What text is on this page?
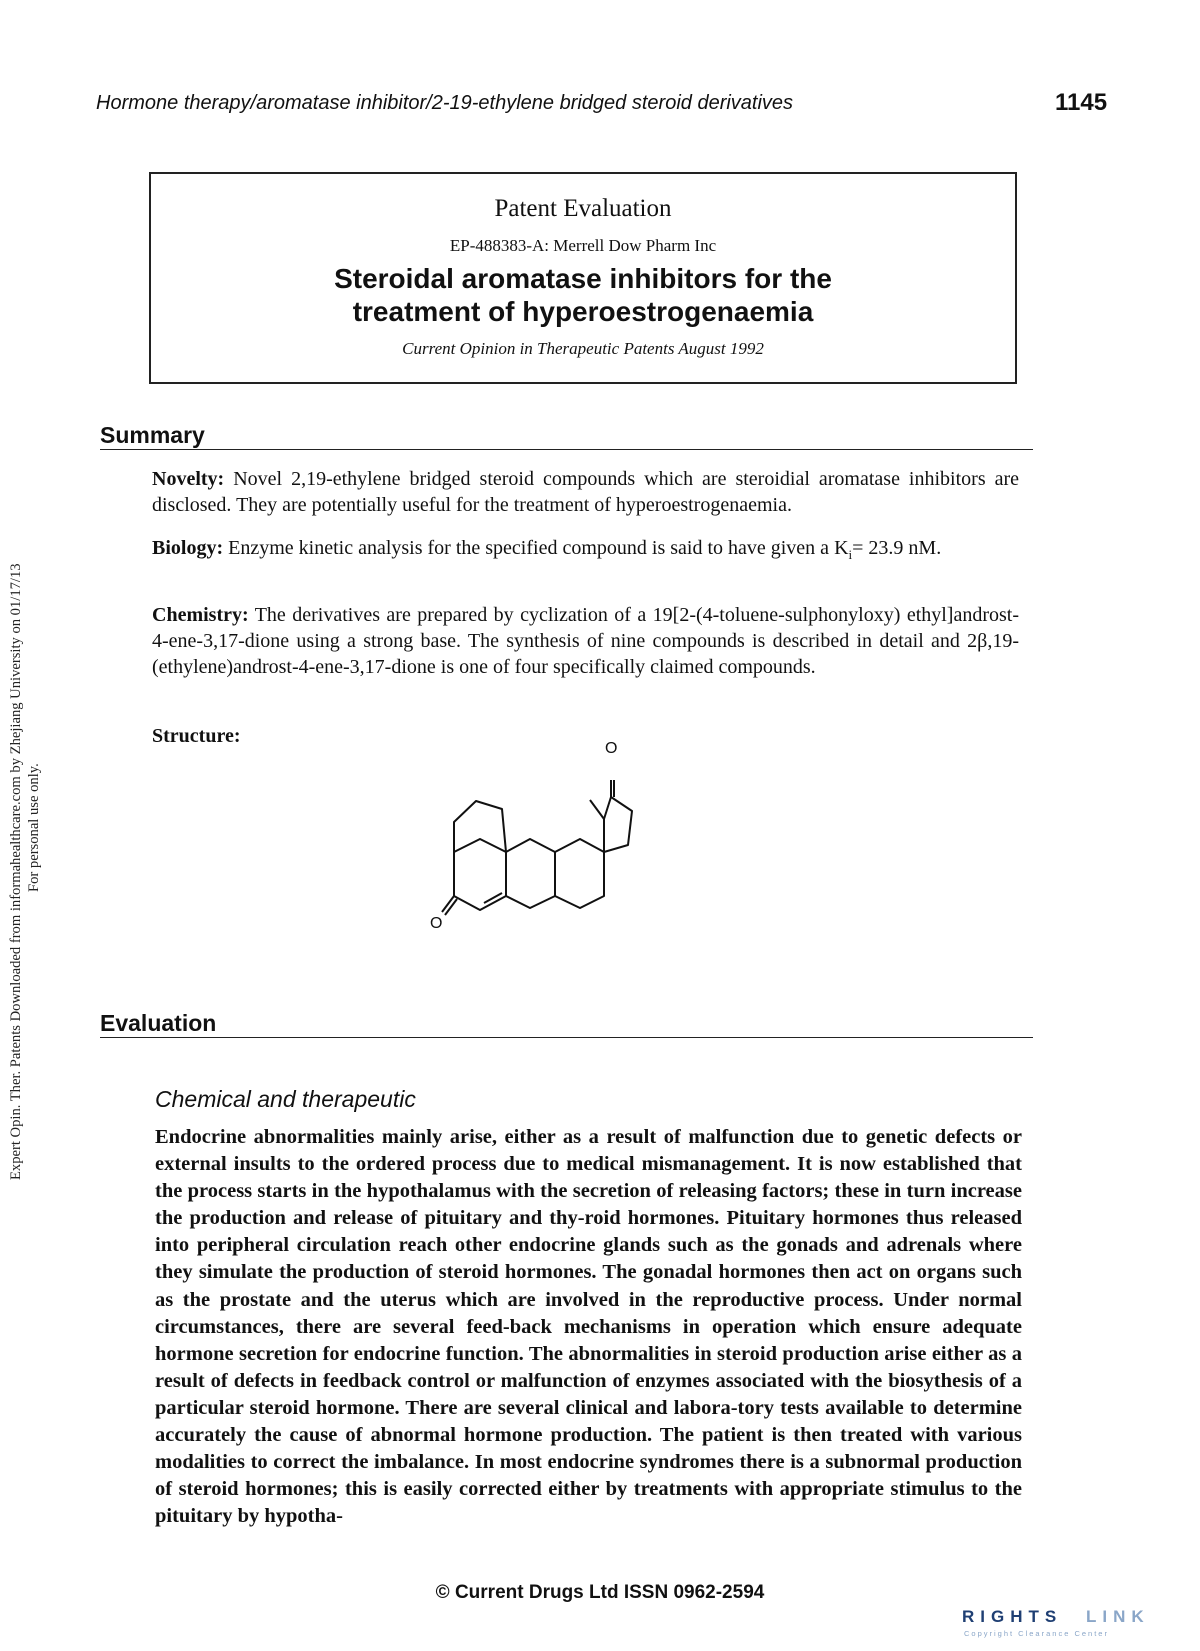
Hormone therapy/aromatase inhibitor/2-19-ethylene bridged steroid derivatives	1145
Patent Evaluation
EP-488383-A: Merrell Dow Pharm Inc
Steroidal aromatase inhibitors for the
treatment of hyperoestrogenaemia
Current Opinion in Therapeutic Patents August 1992
Summary
Novelty: Novel 2,19-ethylene bridged steroid compounds which are steroidial aromatase inhibitors are disclosed. They are potentially useful for the treatment of hyperoestrogenaemia.
Biology: Enzyme kinetic analysis for the specified compound is said to have given a $K_i= 23.9$ nM.
Chemistry: The derivatives are prepared by cyclization of a 19[2-(4-toluene-sulphonyloxy) ethyl]androst-4-ene-3,17-dione using a strong base. The synthesis of nine compounds is described in detail and 2β,19-(ethylene)androst-4-ene-3,17-dione is one of four specifically claimed compounds.
Structure:
O
O
Evaluation
Chemical and therapeutic
Endocrine abnormalities mainly arise, either as a result of malfunction due to genetic defects or external insults to the ordered process due to medical mismanagement. It is now established that the process starts in the hypothalamus with the secretion of releasing factors; these in turn increase the production and release of pituitary and thy-roid hormones. Pituitary hormones thus released into peripheral circulation reach other endocrine glands such as the gonads and adrenals where they simulate the production of steroid hormones. The gonadal hormones then act on organs such as the prostate and the uterus which are involved in the reproductive process. Under normal circumstances, there are several feed-back mechanisms in operation which ensure adequate hormone secretion for endocrine function. The abnormalities in steroid production arise either as a result of defects in feedback control or malfunction of enzymes associated with the biosythesis of a particular steroid hormone. There are several clinical and labora-tory tests available to determine accurately the cause of abnormal hormone production. The patient is then treated with various modalities to correct the imbalance. In most endocrine syndromes there is a subnormal production of steroid hormones; this is easily corrected either by treatments with appropriate stimulus to the pituitary by hypotha-
Expert Opin. Ther. Patents Downloaded from informahealthcare.com by Zhejiang University on 01/17/13 For personal use only.
© Current Drugs Ltd ISSN 0962-2594
RIGHTS LINK
Copyright Clearance Center
